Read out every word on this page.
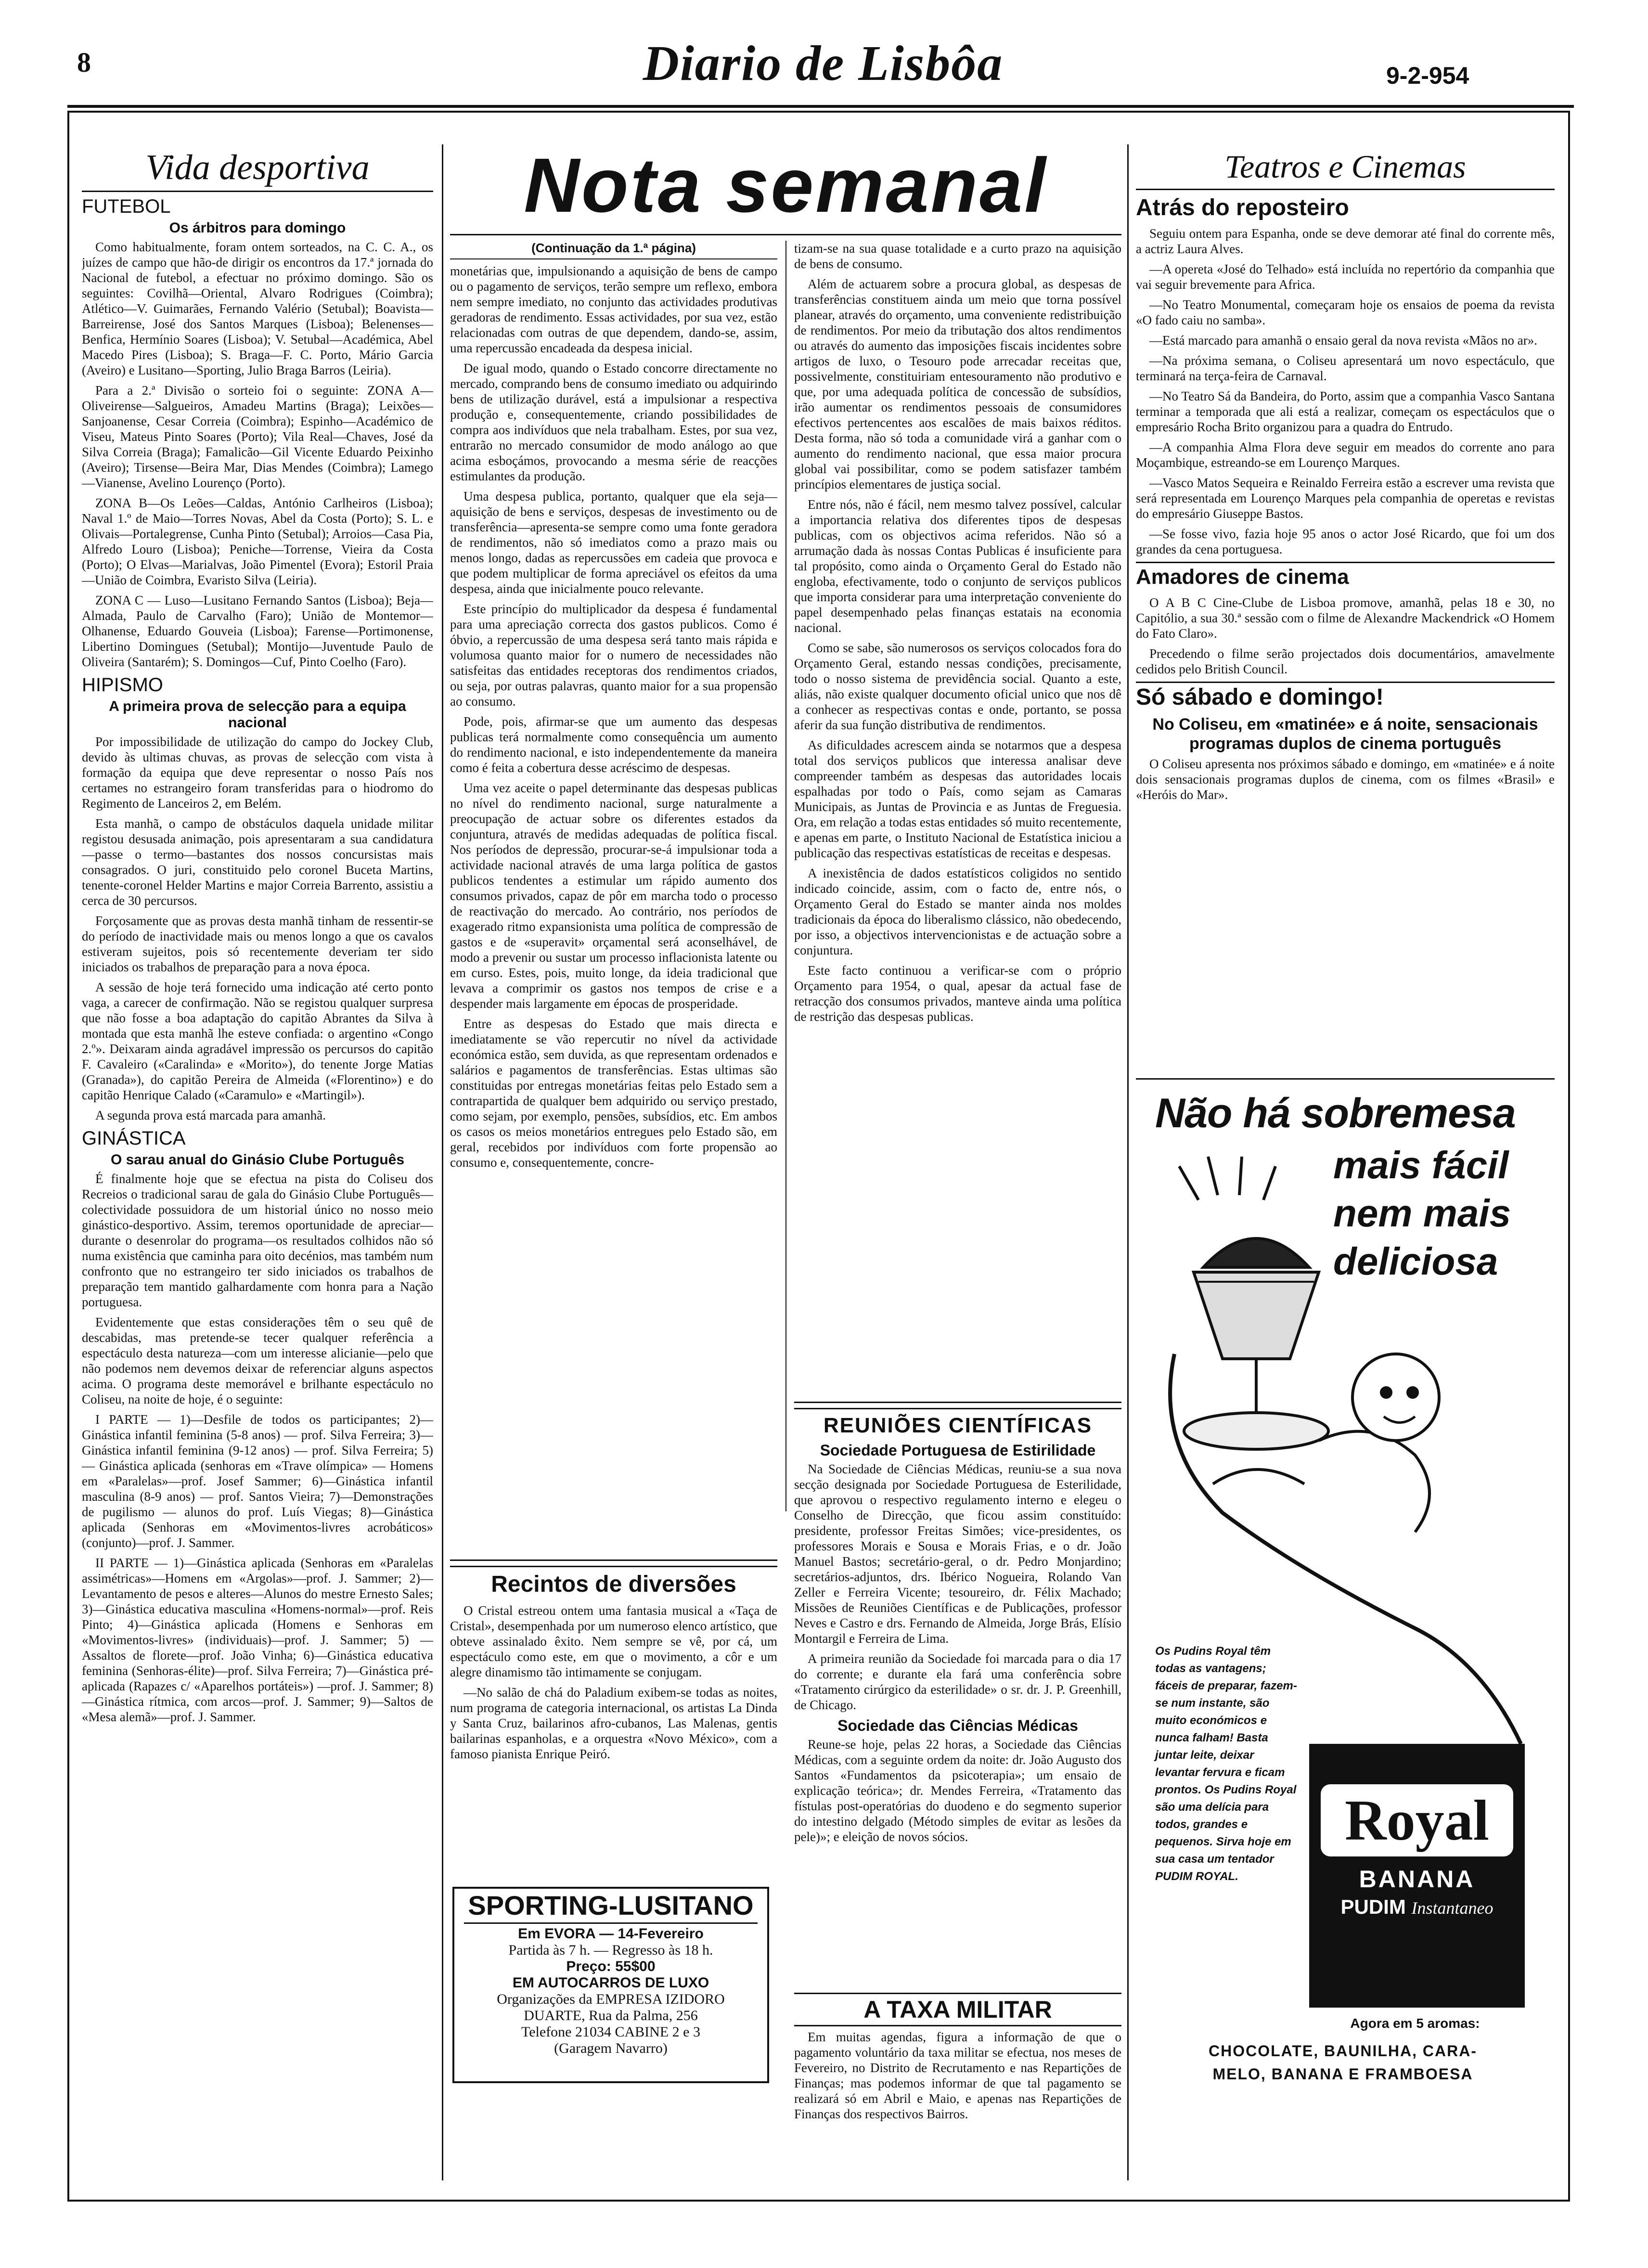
8	Diario de Lisbôa	9-2-954
Vida desportiva
FUTEBOL
Os árbitros para domingo

Como habitualmente, foram ontem sorteados, na C. C. A., os juízes de campo que hão-de dirigir os encontros da 17.ª jornada do Nacional de futebol, a efectuar no próximo domingo. São os seguintes: Covilhã—Oriental, Alvaro Rodrigues (Coimbra); Atlético—V. Guimarães, Fernando Valério (Setubal); Boavista—Barreirense, José dos Santos Marques (Lisboa); Belenenses—Benfica, Hermínio Soares (Lisboa); V. Setubal—Académica, Abel Macedo Pires (Lisboa); S. Braga—F. C. Porto, Mário Garcia (Aveiro) e Lusitano—Sporting, Julio Braga Barros (Leiria).

Para a 2.ª Divisão o sorteio foi o seguinte: ZONA A—Oliveirense—Salgueiros, Amadeu Martins (Braga); Leixões—Sanjoanense, Cesar Correia (Coimbra); Espinho—Académico de Viseu, Mateus Pinto Soares (Porto); Vila Real—Chaves, José da Silva Correia (Braga); Famalicão—Gil Vicente Eduardo Peixinho (Aveiro); Tirsense—Beira Mar, Dias Mendes (Coimbra); Lamego—Vianense, Avelino Lourenço (Porto).

ZONA B—Os Leões—Caldas, António Carlheiros (Lisboa); Naval 1.º de Maio—Torres Novas, Abel da Costa (Porto); S. L. e Olivais—Portalegrense, Cunha Pinto (Setubal); Arroios—Casa Pia, Alfredo Louro (Lisboa); Peniche—Torrense, Vieira da Costa (Porto); O Elvas—Marialvas, João Pimentel (Evora); Estoril Praia—União de Coimbra, Evaristo Silva (Leiria).

ZONA C — Luso—Lusitano Fernando Santos (Lisboa); Beja—Almada, Paulo de Carvalho (Faro); União de Montemor—Olhanense, Eduardo Gouveia (Lisboa); Farense—Portimonense, Libertino Domingues (Setubal); Montijo—Juventude Paulo de Oliveira (Santarém); S. Domingos—Cuf, Pinto Coelho (Faro).

HIPISMO
A primeira prova de selecção para a equipa nacional

Por impossibilidade de utilização do campo do Jockey Club, devido às ultimas chuvas, as provas de selecção com vista à formação da equipa que deve representar o nosso País nos certames no estrangeiro foram transferidas para o hiodromo do Regimento de Lanceiros 2, em Belém.

Esta manhã, o campo de obstáculos daquela unidade militar registou desusada animação, pois apresentaram a sua candidatura—passe o termo—bastantes dos nossos concursistas mais consagrados. O juri, constituido pelo coronel Buceta Martins, tenente-coronel Helder Martins e major Correia Barrento, assistiu a cerca de 30 percursos.

Forçosamente que as provas desta manhã tinham de ressentir-se do período de inactividade mais ou menos longo a que os cavalos estiveram sujeitos, pois só recentemente deveriam ter sido iniciados os trabalhos de preparação para a nova época.

A sessão de hoje terá fornecido uma indicação até certo ponto vaga, a carecer de confirmação. Não se registou qualquer surpresa que não fosse a boa adaptação do capitão Abrantes da Silva à montada que esta manhã lhe esteve confiada: o argentino «Congo 2.º». Deixaram ainda agradável impressão os percursos do capitão F. Cavaleiro («Caralinda» e «Morito»), do tenente Jorge Matias (Granada»), do capitão Pereira de Almeida («Florentino») e do capitão Henrique Calado («Caramulo» e «Martingil»).

A segunda prova está marcada para amanhã.

GINÁSTICA
O sarau anual do Ginásio Clube Português

É finalmente hoje que se efectua na pista do Coliseu dos Recreios o tradicional sarau de gala do Ginásio Clube Português—colectividade possuidora de um historial único no nosso meio ginástico-desportivo. Assim, teremos oportunidade de apreciar—durante o desenrolar do programa—os resultados colhidos não só numa existência que caminha para oito decénios, mas também num confronto que no estrangeiro ter sido iniciados os trabalhos de preparação tem mantido galhardamente com honra para a Nação portuguesa.

Evidentemente que estas considerações têm o seu quê de descabidas, mas pretende-se tecer qualquer referência a espectáculo desta natureza—com um interesse alicianie—pelo que não podemos nem devemos deixar de referenciar alguns aspectos acima. O programa deste memorável e brilhante espectáculo no Coliseu, na noite de hoje, é o seguinte:

I PARTE — 1)—Desfile de todos os participantes; 2)—Ginástica infantil feminina (5-8 anos) — prof. Silva Ferreira; 3)—Ginástica infantil feminina (9-12 anos) — prof. Silva Ferreira; 5) — Ginástica aplicada (senhoras em «Trave olímpica» — Homens em «Paralelas»—prof. Josef Sammer; 6)—Ginástica infantil masculina (8-9 anos) — prof. Santos Vieira; 7)—Demonstrações de pugilismo — alunos do prof. Luís Viegas; 8)—Ginástica aplicada (Senhoras em «Movimentos-livres acrobáticos» (conjunto)—prof. J. Sammer.

II PARTE — 1)—Ginástica aplicada (Senhoras em «Paralelas assimétricas»—Homens em «Argolas»—prof. J. Sammer; 2)—Levantamento de pesos e alteres—Alunos do mestre Ernesto Sales; 3)—Ginástica educativa masculina «Homens-normal»—prof. Reis Pinto; 4)—Ginástica aplicada (Homens e Senhoras em «Movimentos-livres» (individuais)—prof. J. Sammer; 5) — Assaltos de florete—prof. João Vinha; 6)—Ginástica educativa feminina (Senhoras-élite)—prof. Silva Ferreira; 7)—Ginástica pré-aplicada (Rapazes c/ «Aparelhos portáteis») —prof. J. Sammer; 8)—Ginástica rítmica, com arcos—prof. J. Sammer; 9)—Saltos de «Mesa alemã»—prof. J. Sammer.

Nota semanal
(Continuação da 1.ª página)

monetárias que, impulsionando a aquisição de bens de campo ou o pagamento de serviços, terão sempre um reflexo, embora nem sempre imediato, no conjunto das actividades produtivas geradoras de rendimento. Essas actividades, por sua vez, estão relacionadas com outras de que dependem, dando-se, assim, uma repercussão encadeada da despesa inicial.

De igual modo, quando o Estado concorre directamente no mercado, comprando bens de consumo imediato ou adquirindo bens de utilização durável, está a impulsionar a respectiva produção e, consequentemente, criando possibilidades de compra aos indivíduos que nela trabalham. Estes, por sua vez, entrarão no mercado consumidor de modo análogo ao que acima esboçámos, provocando a mesma série de reacções estimulantes da produção.

Uma despesa publica, portanto, qualquer que ela seja—aquisição de bens e serviços, despesas de investimento ou de transferência—apresenta-se sempre como uma fonte geradora de rendimentos, não só imediatos como a prazo mais ou menos longo, dadas as repercussões em cadeia que provoca e que podem multiplicar de forma apreciável os efeitos da uma despesa, ainda que inicialmente pouco relevante.

Este princípio do multiplicador da despesa é fundamental para uma apreciação correcta dos gastos publicos. Como é óbvio, a repercussão de uma despesa será tanto mais rápida e volumosa quanto maior for o numero de necessidades não satisfeitas das entidades receptoras dos rendimentos criados, ou seja, por outras palavras, quanto maior for a sua propensão ao consumo.

Pode, pois, afirmar-se que um aumento das despesas publicas terá normalmente como consequência um aumento do rendimento nacional, e isto independentemente da maneira como é feita a cobertura desse acréscimo de despesas.

Uma vez aceite o papel determinante das despesas publicas no nível do rendimento nacional, surge naturalmente a preocupação de actuar sobre os diferentes estados da conjuntura, através de medidas adequadas de política fiscal. Nos períodos de depressão, procurar-se-á impulsionar toda a actividade nacional através de uma larga política de gastos publicos tendentes a estimular um rápido aumento dos consumos privados, capaz de pôr em marcha todo o processo de reactivação do mercado. Ao contrário, nos períodos de exagerado ritmo expansionista uma política de compressão de gastos e de «superavit» orçamental será aconselhável, de modo a prevenir ou sustar um processo inflacionista latente ou em curso. Estes, pois, muito longe, da ideia tradicional que levava a comprimir os gastos nos tempos de crise e a despender mais largamente em épocas de prosperidade.

Entre as despesas do Estado que mais directa e imediatamente se vão repercutir no nível da actividade económica estão, sem duvida, as que representam ordenados e salários e pagamentos de transferências. Estas ultimas são constituidas por entregas monetárias feitas pelo Estado sem a contrapartida de qualquer bem adquirido ou serviço prestado, como sejam, por exemplo, pensões, subsídios, etc. Em ambos os casos os meios monetários entregues pelo Estado são, em geral, recebidos por indivíduos com forte propensão ao consumo e, consequentemente, concre-

tizam-se na sua quase totalidade e a curto prazo na aquisição de bens de consumo.

Além de actuarem sobre a procura global, as despesas de transferências constituem ainda um meio que torna possível planear, através do orçamento, uma conveniente redistribuição de rendimentos. Por meio da tributação dos altos rendimentos ou através do aumento das imposições fiscais incidentes sobre artigos de luxo, o Tesouro pode arrecadar receitas que, possivelmente, constituiriam entesouramento não produtivo e que, por uma adequada política de concessão de subsídios, irão aumentar os rendimentos pessoais de consumidores efectivos pertencentes aos escalões de mais baixos réditos. Desta forma, não só toda a comunidade virá a ganhar com o aumento do rendimento nacional, que essa maior procura global vai possibilitar, como se podem satisfazer também princípios elementares de justiça social.

Entre nós, não é fácil, nem mesmo talvez possível, calcular a importancia relativa dos diferentes tipos de despesas publicas, com os objectivos acima referidos. Não só a arrumação dada às nossas Contas Publicas é insuficiente para tal propósito, como ainda o Orçamento Geral do Estado não engloba, efectivamente, todo o conjunto de serviços publicos que importa considerar para uma interpretação conveniente do papel desempenhado pelas finanças estatais na economia nacional.

Como se sabe, são numerosos os serviços colocados fora do Orçamento Geral, estando nessas condições, precisamente, todo o nosso sistema de previdência social. Quanto a este, aliás, não existe qualquer documento oficial unico que nos dê a conhecer as respectivas contas e onde, portanto, se possa aferir da sua função distributiva de rendimentos.

As dificuldades acrescem ainda se notarmos que a despesa total dos serviços publicos que interessa analisar deve compreender também as despesas das autoridades locais espalhadas por todo o País, como sejam as Camaras Municipais, as Juntas de Provincia e as Juntas de Freguesia. Ora, em relação a todas estas entidades só muito recentemente, e apenas em parte, o Instituto Nacional de Estatística iniciou a publicação das respectivas estatísticas de receitas e despesas.

A inexistência de dados estatísticos coligidos no sentido indicado coincide, assim, com o facto de, entre nós, o Orçamento Geral do Estado se manter ainda nos moldes tradicionais da época do liberalismo clássico, não obedecendo, por isso, a objectivos intervencionistas e de actuação sobre a conjuntura.

Este facto continuou a verificar-se com o próprio Orçamento para 1954, o qual, apesar da actual fase de retracção dos consumos privados, manteve ainda uma política de restrição das despesas publicas.

Recintos de diversões

O Cristal estreou ontem uma fantasia musical a «Taça de Cristal», desempenhada por um numeroso elenco artístico, que obteve assinalado êxito. Nem sempre se vê, por cá, um espectáculo como este, em que o movimento, a côr e um alegre dinamismo tão intimamente se conjugam.

—No salão de chá do Paladium exibem-se todas as noites, num programa de categoria internacional, os artistas La Dinda y Santa Cruz, bailarinos afro-cubanos, Las Malenas, gentis bailarinas espanholas, e a orquestra «Novo México», com a famoso pianista Enrique Peiró.

SPORTING-LUSITANO
Em EVORA — 14-Fevereiro
Partida às 7 h. — Regresso às 18 h.
Preço: 55$00
EM AUTOCARROS DE LUXO
Organizações da EMPRESA IZIDORO
DUARTE, Rua da Palma, 256
Telefone 21034 CABINE 2 e 3
(Garagem Navarro)
REUNIÕES CIENTÍFICAS
Sociedade Portuguesa de Estirilidade

Na Sociedade de Ciências Médicas, reuniu-se a sua nova secção designada por Sociedade Portuguesa de Esterilidade, que aprovou o respectivo regulamento interno e elegeu o Conselho de Direcção, que ficou assim constituído: presidente, professor Freitas Simões; vice-presidentes, os professores Morais e Sousa e Morais Frias, e o dr. João Manuel Bastos; secretário-geral, o dr. Pedro Monjardino; secretários-adjuntos, drs. Ibérico Nogueira, Rolando Van Zeller e Ferreira Vicente; tesoureiro, dr. Félix Machado; Missões de Reuniões Científicas e de Publicações, professor Neves e Castro e drs. Fernando de Almeida, Jorge Brás, Elísio Montargil e Ferreira de Lima.

A primeira reunião da Sociedade foi marcada para o dia 17 do corrente; e durante ela fará uma conferência sobre «Tratamento cirúrgico da esterilidade» o sr. dr. J. P. Greenhill, de Chicago.

Sociedade das Ciências Médicas

Reune-se hoje, pelas 22 horas, a Sociedade das Ciências Médicas, com a seguinte ordem da noite: dr. João Augusto dos Santos «Fundamentos da psicoterapia»; um ensaio de explicação teórica»; dr. Mendes Ferreira, «Tratamento das fístulas post-operatórias do duodeno e do segmento superior do intestino delgado (Método simples de evitar as lesões da pele)»; e eleição de novos sócios.

A TAXA MILITAR

Em muitas agendas, figura a informação de que o pagamento voluntário da taxa militar se efectua, nos meses de Fevereiro, no Distrito de Recrutamento e nas Repartições de Finanças; mas podemos informar de que tal pagamento se realizará só em Abril e Maio, e apenas nas Repartições de Finanças dos respectivos Bairros.

Teatros e Cinemas
Atrás do reposteiro

Seguiu ontem para Espanha, onde se deve demorar até final do corrente mês, a actriz Laura Alves.

—A opereta «José do Telhado» está incluída no repertório da companhia que vai seguir brevemente para Africa.

—No Teatro Monumental, começaram hoje os ensaios de poema da revista «O fado caiu no samba».

—Está marcado para amanhã o ensaio geral da nova revista «Mãos no ar».

—Na próxima semana, o Coliseu apresentará um novo espectáculo, que terminará na terça-feira de Carnaval.

—No Teatro Sá da Bandeira, do Porto, assim que a companhia Vasco Santana terminar a temporada que ali está a realizar, começam os espectáculos que o empresário Rocha Brito organizou para a quadra do Entrudo.

—A companhia Alma Flora deve seguir em meados do corrente ano para Moçambique, estreando-se em Lourenço Marques.

—Vasco Matos Sequeira e Reinaldo Ferreira estão a escrever uma revista que será representada em Lourenço Marques pela companhia de operetas e revistas do empresário Giuseppe Bastos.

—Se fosse vivo, fazia hoje 95 anos o actor José Ricardo, que foi um dos grandes da cena portuguesa.

Amadores de cinema

O A B C Cine-Clube de Lisboa promove, amanhã, pelas 18 e 30, no Capitólio, a sua 30.ª sessão com o filme de Alexandre Mackendrick «O Homem do Fato Claro».

Precedendo o filme serão projectados dois documentários, amavelmente cedidos pelo British Council.

Só sábado e domingo!
No Coliseu, em «matinée» e á noite, sensacionais programas duplos de cinema português

O Coliseu apresenta nos próximos sábado e domingo, em «matinée» e á noite dois sensacionais programas duplos de cinema, com os filmes «Brasil» e «Heróis do Mar».

Não há sobremesa
mais fácil
nem mais
deliciosa
Os Pudins Royal têm todas as vantagens; fáceis de preparar, fazem-se num instante, são muito económicos e nunca falham! Basta juntar leite, deixar levantar fervura e ficam prontos. Os Pudins Royal são uma delícia para todos, grandes e pequenos. Sirva hoje em sua casa um tentador PUDIM ROYAL.
Royal
BANANA
PUDIM Instantaneo
Agora em 5 aromas:
CHOCOLATE, BAUNILHA, CARA-
MELO, BANANA E FRAMBOESA
